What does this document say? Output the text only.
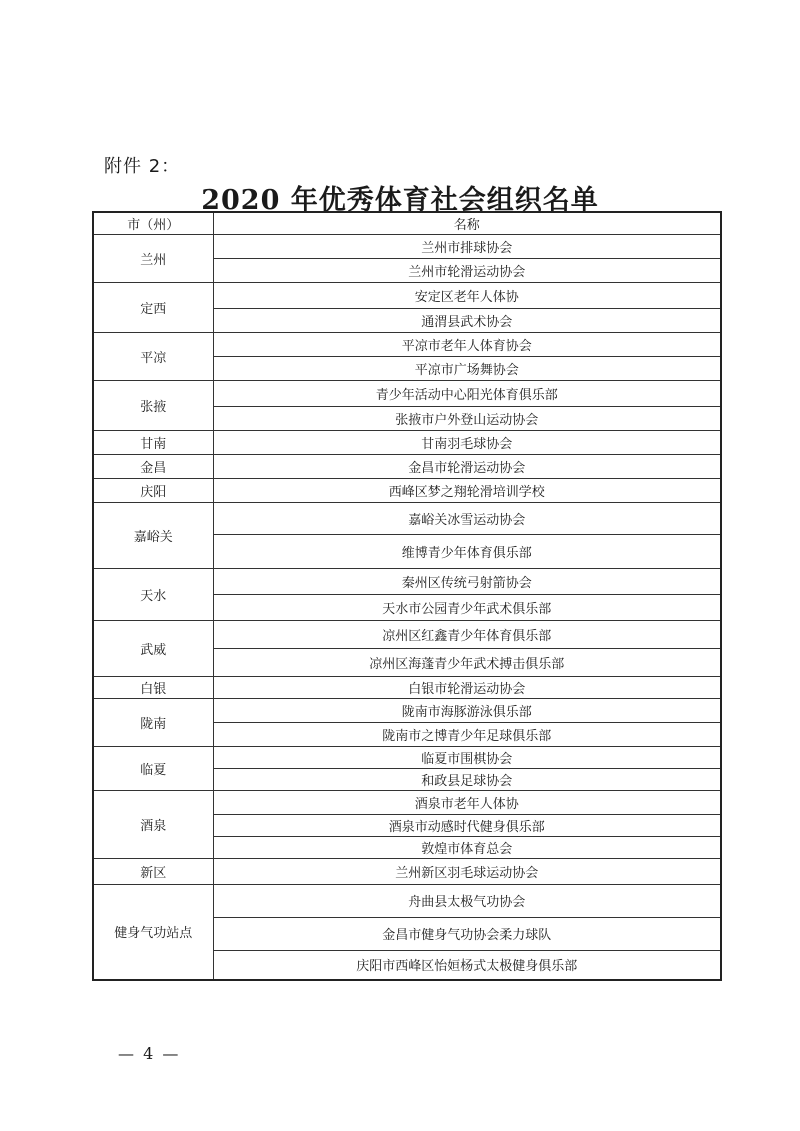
附件 2：
2020 年优秀体育社会组织名单
市（州）	名称
兰州	兰州市排球协会
	兰州市轮滑运动协会
定西	安定区老年人体协
	通渭县武术协会
平凉	平凉市老年人体育协会
	平凉市广场舞协会
张掖	青少年活动中心阳光体育俱乐部
	张掖市户外登山运动协会
甘南	甘南羽毛球协会
金昌	金昌市轮滑运动协会
庆阳	西峰区梦之翔轮滑培训学校
嘉峪关	嘉峪关冰雪运动协会
	维博青少年体育俱乐部
天水	秦州区传统弓射箭协会
	天水市公园青少年武术俱乐部
武威	凉州区红鑫青少年体育俱乐部
	凉州区海蓬青少年武术搏击俱乐部
白银	白银市轮滑运动协会
陇南	陇南市海豚游泳俱乐部
	陇南市之博青少年足球俱乐部
临夏	临夏市围棋协会
	和政县足球协会
酒泉	酒泉市老年人体协
	酒泉市动感时代健身俱乐部
	敦煌市体育总会
新区	兰州新区羽毛球运动协会
健身气功站点	舟曲县太极气功协会
	金昌市健身气功协会柔力球队
	庆阳市西峰区怡姮杨式太极健身俱乐部
— 4 —
